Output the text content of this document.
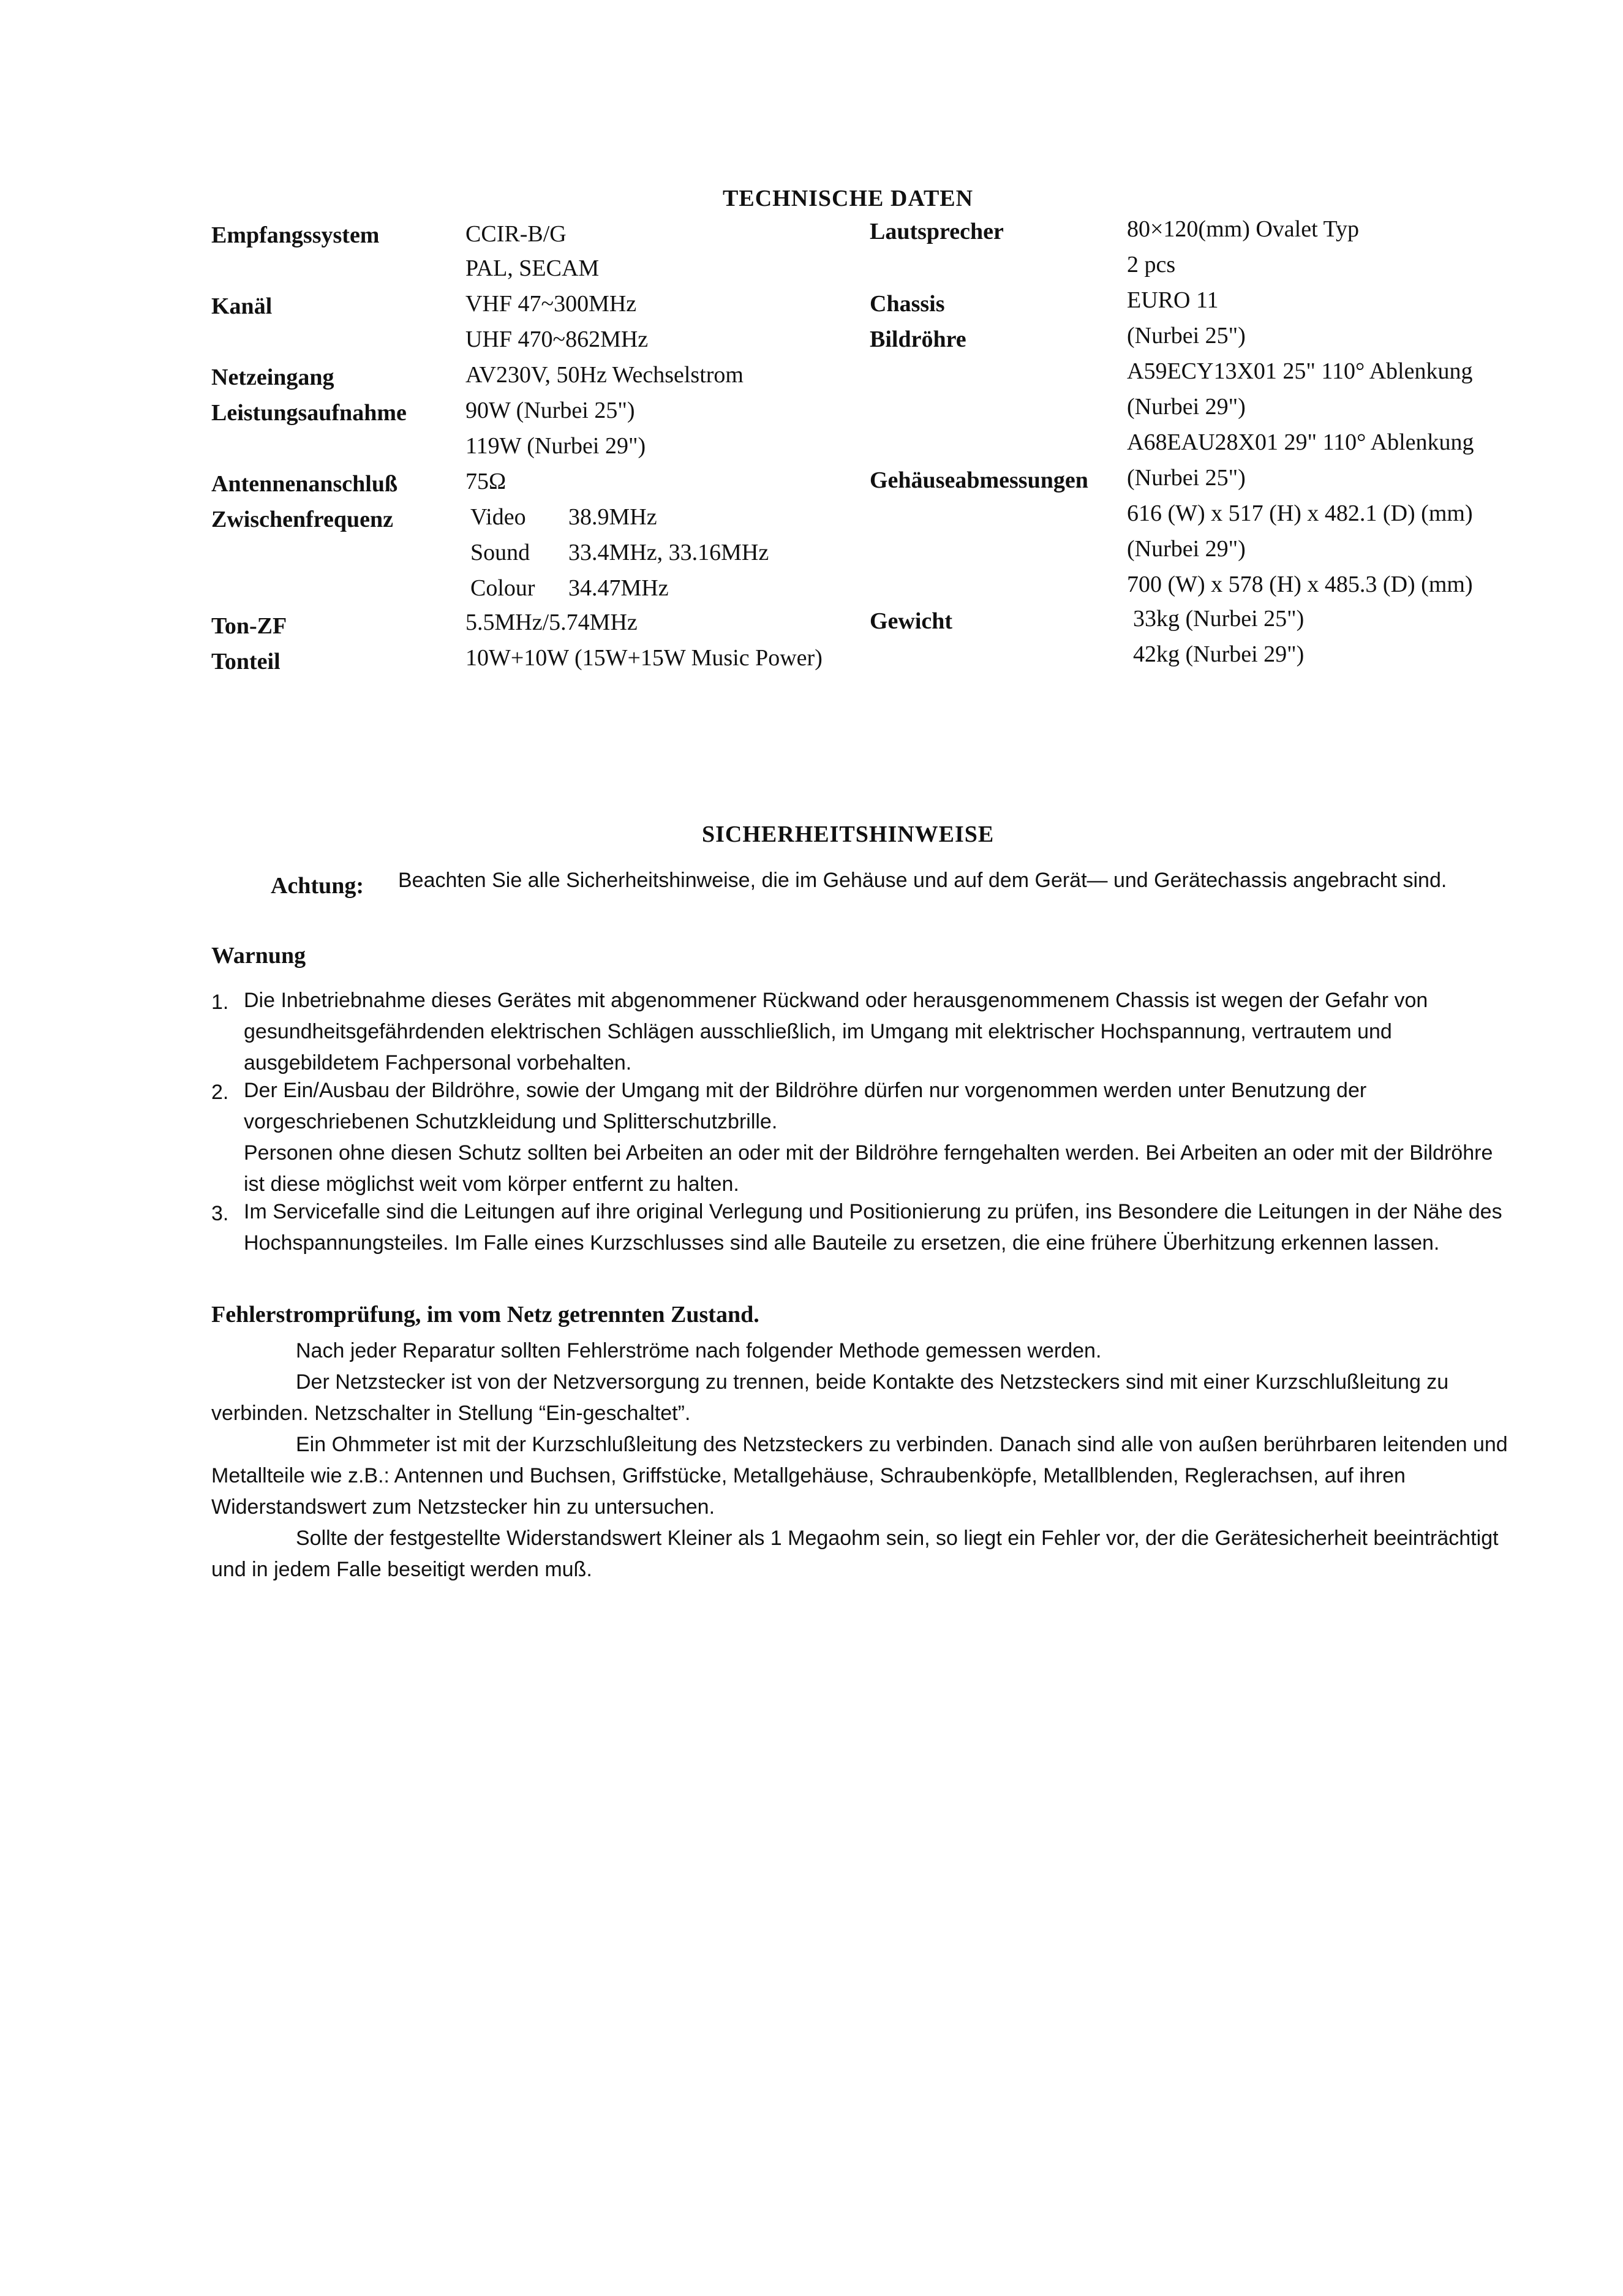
TECHNISCHE DATEN
Empfangssystem	CCIR-B/G
PAL, SECAM
Kanäl	VHF 47~300MHz
UHF 470~862MHz
Netzeingang	AV230V, 50Hz Wechselstrom
Leistungsaufnahme	90W (Nurbei 25")
119W (Nurbei 29")
Antennenanschluß	75Ω
Zwischenfrequenz	Video 38.9MHz
Sound 33.4MHz, 33.16MHz
Colour 34.47MHz
Ton-ZF	5.5MHz/5.74MHz
Tonteil	10W+10W (15W+15W Music Power)
Lautsprecher	80×120(mm) Ovalet Typ
2 pcs
Chassis	EURO 11
Bildröhre	(Nurbei 25")
A59ECY13X01 25" 110° Ablenkung
(Nurbei 29")
A68EAU28X01 29" 110° Ablenkung
Gehäuseabmessungen (Nurbei 25")
616 (W) x 517 (H) x 482.1 (D) (mm)
(Nurbei 29")
700 (W) x 578 (H) x 485.3 (D) (mm)
Gewicht	33kg (Nurbei 25")
42kg (Nurbei 29")
SICHERHEITSHINWEISE
Achtung: Beachten Sie alle Sicherheitshinweise, die im Gehäuse und auf dem Gerät— und Gerätechassis angebracht sind.
Warnung
1. Die Inbetriebnahme dieses Gerätes mit abgenommener Rückwand oder herausgenommenem Chassis ist wegen der Gefahr von gesundheitsgefährdenden elektrischen Schlägen ausschließlich, im Umgang mit elektrischer Hochspannung, vertrautem und ausgebildetem Fachpersonal vorbehalten.
2. Der Ein/Ausbau der Bildröhre, sowie der Umgang mit der Bildröhre dürfen nur vorgenommen werden unter Benutzung der vorgeschriebenen Schutzkleidung und Splitterschutzbrille.
Personen ohne diesen Schutz sollten bei Arbeiten an oder mit der Bildröhre ferngehalten werden. Bei Arbeiten an oder mit der Bildröhre ist diese möglichst weit vom körper entfernt zu halten.
3. Im Servicefalle sind die Leitungen auf ihre original Verlegung und Positionierung zu prüfen, ins Besondere die Leitungen in der Nähe des Hochspannungsteiles. Im Falle eines Kurzschlusses sind alle Bauteile zu ersetzen, die eine frühere Überhitzung erkennen lassen.
Fehlerstromprüfung, im vom Netz getrennten Zustand.
Nach jeder Reparatur sollten Fehlerströme nach folgender Methode gemessen werden.
Der Netzstecker ist von der Netzversorgung zu trennen, beide Kontakte des Netzsteckers sind mit einer Kurzschlußleitung zu verbinden. Netzschalter in Stellung “Ein-geschaltet”.
Ein Ohmmeter ist mit der Kurzschlußleitung des Netzsteckers zu verbinden. Danach sind alle von außen berührbaren leitenden und Metallteile wie z.B.: Antennen und Buchsen, Griffstücke, Metallgehäuse, Schraubenköpfe, Metallblenden, Reglerachsen, auf ihren Widerstandswert zum Netzstecker hin zu untersuchen.
Sollte der festgestellte Widerstandswert Kleiner als 1 Megaohm sein, so liegt ein Fehler vor, der die Gerätesicherheit beeinträchtigt und in jedem Falle beseitigt werden muß.
